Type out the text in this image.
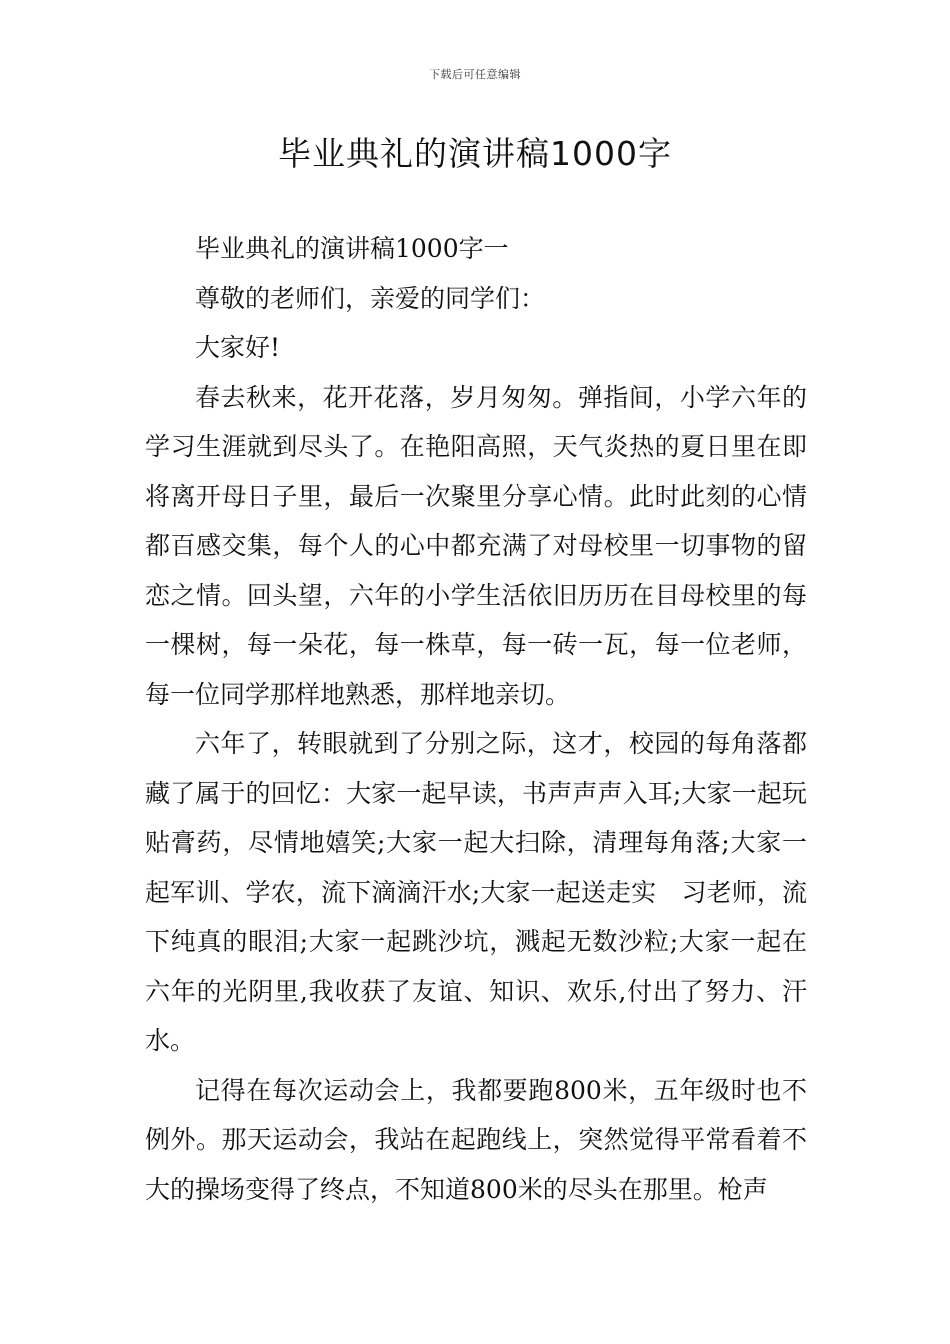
下载后可任意编辑
毕业典礼的演讲稿1000字

毕业典礼的演讲稿1000字一

尊敬的老师们，亲爱的同学们：

大家好!

春去秋来，花开花落，岁月匆匆。弹指间，小学六年的学习生涯就到尽头了。在艳阳高照，天气炎热的夏日里在即将离开母日子里，最后一次聚里分享心情。此时此刻的心情都百感交集，每个人的心中都充满了对母校里一切事物的留恋之情。回头望，六年的小学生活依旧历历在目母校里的每一棵树，每一朵花，每一株草，每一砖一瓦，每一位老师，每一位同学那样地熟悉，那样地亲切。

六年了，转眼就到了分别之际，这才，校园的每角落都藏了属于的回忆：大家一起早读，书声声声入耳;大家一起玩贴膏药，尽情地嬉笑;大家一起大扫除，清理每角落;大家一起军训、学农，流下滴滴汗水;大家一起送走实　习老师，流下纯真的眼泪;大家一起跳沙坑，溅起无数沙粒;大家一起在六年的光阴里,我收获了友谊、知识、欢乐,付出了努力、汗水。

记得在每次运动会上，我都要跑800米，五年级时也不例外。那天运动会，我站在起跑线上，突然觉得平常看着不大的操场变得了终点，不知道800米的尽头在那里。枪声
